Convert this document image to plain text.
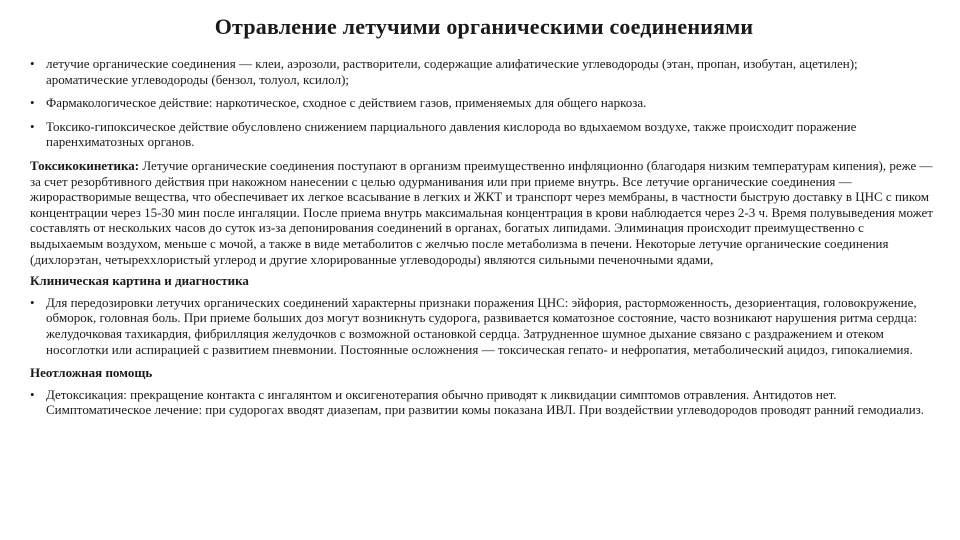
Отравление летучими органическими соединениями
• летучие органические соединения — клеи, аэрозоли, растворители, содержащие алифатические углеводороды (этан, пропан, изобутан, ацетилен); ароматические углеводороды (бензол, толуол, ксилол);
• Фармакологическое действие: наркотическое, сходное с действием газов, применяемых для общего наркоза.
• Токсико-гипоксическое действие обусловлено снижением парциального давления кислорода во вдыхаемом воздухе, также происходит поражение паренхиматозных органов.

Токсикокинетика: Летучие органические соединения поступают в организм преимущественно инфляционно (благодаря низким температурам кипения), реже — за счет резорбтивного действия при накожном нанесении с целью одурманивания или при приеме внутрь. Все летучие органические соединения — жирорастворимые вещества, что обеспечивает их легкое всасывание в легких и ЖКТ и транспорт через мембраны, в частности быструю доставку в ЦНС с пиком концентрации через 15-30 мин после ингаляции. После приема внутрь максимальная концентрация в крови наблюдается через 2-3 ч. Время полувыведения может составлять от нескольких часов до суток из-за депонирования соединений в органах, богатых липидами. Элиминация происходит преимущественно с выдыхаемым воздухом, меньше с мочой, а также в виде метаболитов с желчью после метаболизма в печени. Некоторые летучие органические соединения (дихлорэтан, четыреххлористый углерод и другие хлорированные углеводороды) являются сильными печеночными ядами,

Клиническая картина и диагностика
• Для передозировки летучих органических соединений характерны признаки поражения ЦНС: эйфория, расторможенность, дезориентация, головокружение, обморок, головная боль. При приеме больших доз могут возникнуть судорога, развивается коматозное состояние, часто возникают нарушения ритма сердца: желудочковая тахикардия, фибрилляция желудочков с возможной остановкой сердца. Затрудненное шумное дыхание связано с раздражением и отеком носоглотки или аспирацией с развитием пневмонии. Постоянные осложнения — токсическая гепато- и нефропатия, метаболический ацидоз, гипокалиемия.
Неотложная помощь
• Детоксикация: прекращение контакта с ингалянтом и оксигенотерапия обычно приводят к ликвидации симптомов отравления. Антидотов нет. Симптоматическое лечение: при судорогах вводят диазепам, при развитии комы показана ИВЛ. При воздействии углеводородов проводят ранний гемодиализ.
